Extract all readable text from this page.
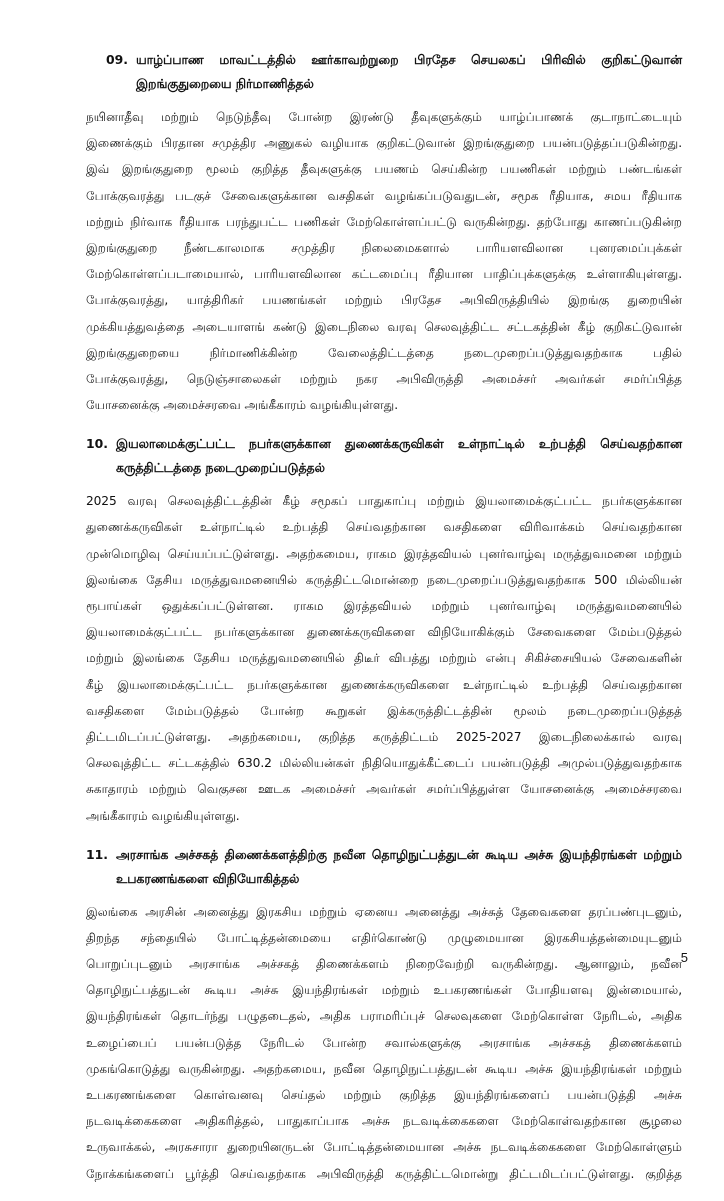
09. யாழ்ப்பாண மாவட்டத்தில் ஊர்காவற்றுறை பிரதேச செயலகப் பிரிவில் குறிகட்டுவான் இறங்குதுறையை நிர்மாணித்தல்
நயினாதீவு மற்றும் நெடுந்தீவு போன்ற இரண்டு தீவுகளுக்கும் யாழ்ப்பாணக் குடாநாட்டையும்
இணைக்கும் பிரதான சமுத்திர அணுகல் வழியாக குறிகட்டுவான் இறங்குதுறை பயன்படுத்தப்படுகின்றது.
இவ் இறங்குதுறை மூலம் குறித்த தீவுகளுக்கு பயணம் செய்கின்ற பயணிகள் மற்றும் பண்டங்கள்
போக்குவரத்து படகுச் சேவைகளுக்கான வசதிகள் வழங்கப்படுவதுடன், சமூக ரீதியாக, சமய ரீதியாக
மற்றும் நிர்வாக ரீதியாக பரந்துபட்ட பணிகள் மேற்கொள்ளப்பட்டு வருகின்றது. தற்போது காணப்படுகின்ற
இறங்குதுறை நீண்டகாலமாக சமுத்திர நிலைமைகளால் பாரியளவிலான புனரமைப்புக்கள்
மேற்கொள்ளப்படாமையால், பாரியளவிலான கட்டமைப்பு ரீதியான பாதிப்புக்களுக்கு உள்ளாகியுள்ளது.
போக்குவரத்து, யாத்திரிகர் பயணங்கள் மற்றும் பிரதேச அபிவிருத்தியில் இறங்கு துறையின்
முக்கியத்துவத்தை அடையாளங் கண்டு இடைநிலை வரவு செலவுத்திட்ட சட்டகத்தின் கீழ் குறிகட்டுவான்
இறங்குதுறையை நிர்மாணிக்கின்ற வேலைத்திட்டத்தை நடைமுறைப்படுத்துவதற்காக பதில்
போக்குவரத்து, நெடுஞ்சாலைகள் மற்றும் நகர அபிவிருத்தி அமைச்சர் அவர்கள் சமர்ப்பித்த
யோசனைக்கு அமைச்சரவை அங்கீகாரம் வழங்கியுள்ளது.
10. இயலாமைக்குட்பட்ட நபர்களுக்கான துணைக்கருவிகள் உள்நாட்டில் உற்பத்தி செய்வதற்கான கருத்திட்டத்தை நடைமுறைப்படுத்தல்
2025 வரவு செலவுத்திட்டத்தின் கீழ் சமூகப் பாதுகாப்பு மற்றும் இயலாமைக்குட்பட்ட நபர்களுக்கான
துணைக்கருவிகள் உள்நாட்டில் உற்பத்தி செய்வதற்கான வசதிகளை விரிவாக்கம் செய்வதற்கான
முன்மொழிவு செய்யப்பட்டுள்ளது. அதற்கமைய, ராகம இரத்தவியல் புனர்வாழ்வு மருத்துவமனை மற்றும்
இலங்கை தேசிய மருத்துவமனையில் கருத்திட்டமொன்றை நடைமுறைப்படுத்துவதற்காக 500 மில்லியன்
ரூபாய்கள் ஒதுக்கப்பட்டுள்ளன. ராகம இரத்தவியல் மற்றும் புனர்வாழ்வு மருத்துவமனையில்
இயலாமைக்குட்பட்ட நபர்களுக்கான துணைக்கருவிகளை விநியோகிக்கும் சேவைகளை மேம்படுத்தல்
மற்றும் இலங்கை தேசிய மருத்துவமனையில் திடீர் விபத்து மற்றும் என்பு சிகிச்சையியல் சேவைகளின்
கீழ் இயலாமைக்குட்பட்ட நபர்களுக்கான துணைக்கருவிகளை உள்நாட்டில் உற்பத்தி செய்வதற்கான
வசதிகளை மேம்படுத்தல் போன்ற கூறுகள் இக்கருத்திட்டத்தின் மூலம் நடைமுறைப்படுத்தத்
திட்டமிடப்பட்டுள்ளது. அதற்கமைய, குறித்த கருத்திட்டம் 2025-2027 இடைநிலைக்கால் வரவு
செலவுத்திட்ட சட்டகத்தில் 630.2 மில்லியன்கள் நிதியொதுக்கீட்டைப் பயன்படுத்தி அமுல்படுத்துவதற்காக
சுகாதாரம் மற்றும் வெகுசன ஊடக அமைச்சர் அவர்கள் சமர்ப்பித்துள்ள யோசனைக்கு அமைச்சரவை
அங்கீகாரம் வழங்கியுள்ளது.
11. அரசாங்க அச்சகத் திணைக்களத்திற்கு நவீன தொழிநுட்பத்துடன் கூடிய அச்சு இயந்திரங்கள் மற்றும் உபகரணங்களை விநியோகித்தல்
இலங்கை அரசின் அனைத்து இரகசிய மற்றும் ஏனைய அனைத்து அச்சுத் தேவைகளை தரப்பண்புடனும்,
திறந்த சந்தையில் போட்டித்தன்மையை எதிர்கொண்டு முழுமையான இரகசியத்தன்மையுடனும்
பொறுப்புடனும் அரசாங்க அச்சகத் திணைக்களம் நிறைவேற்றி வருகின்றது. ஆனாலும், நவீன
தொழிநுட்பத்துடன் கூடிய அச்சு இயந்திரங்கள் மற்றும் உபகரணங்கள் போதியளவு இன்மையால்,
இயந்திரங்கள் தொடர்ந்து பழுதடைதல், அதிக பராமரிப்புச் செலவுகளை மேற்கொள்ள நேரிடல், அதிக
உழைப்பைப் பயன்படுத்த நேரிடல் போன்ற சவால்களுக்கு அரசாங்க அச்சகத் திணைக்களம்
முகங்கொடுத்து வருகின்றது. அதற்கமைய, நவீன தொழிநுட்பத்துடன் கூடிய அச்சு இயந்திரங்கள் மற்றும்
உபகரணங்களை கொள்வனவு செய்தல் மற்றும் குறித்த இயந்திரங்களைப் பயன்படுத்தி அச்சு
நடவடிக்கைகளை அதிகரித்தல், பாதுகாப்பாக அச்சு நடவடிக்கைகளை மேற்கொள்வதற்கான சூழலை
உருவாக்கல், அரசுசாரா துறையினருடன் போட்டித்தன்மையான அச்சு நடவடிக்கைகளை மேற்கொள்ளும்
நோக்கங்களைப் பூர்த்தி செய்வதற்காக அபிவிருத்தி கருத்திட்டமொன்று திட்டமிடப்பட்டுள்ளது. குறித்த
5
